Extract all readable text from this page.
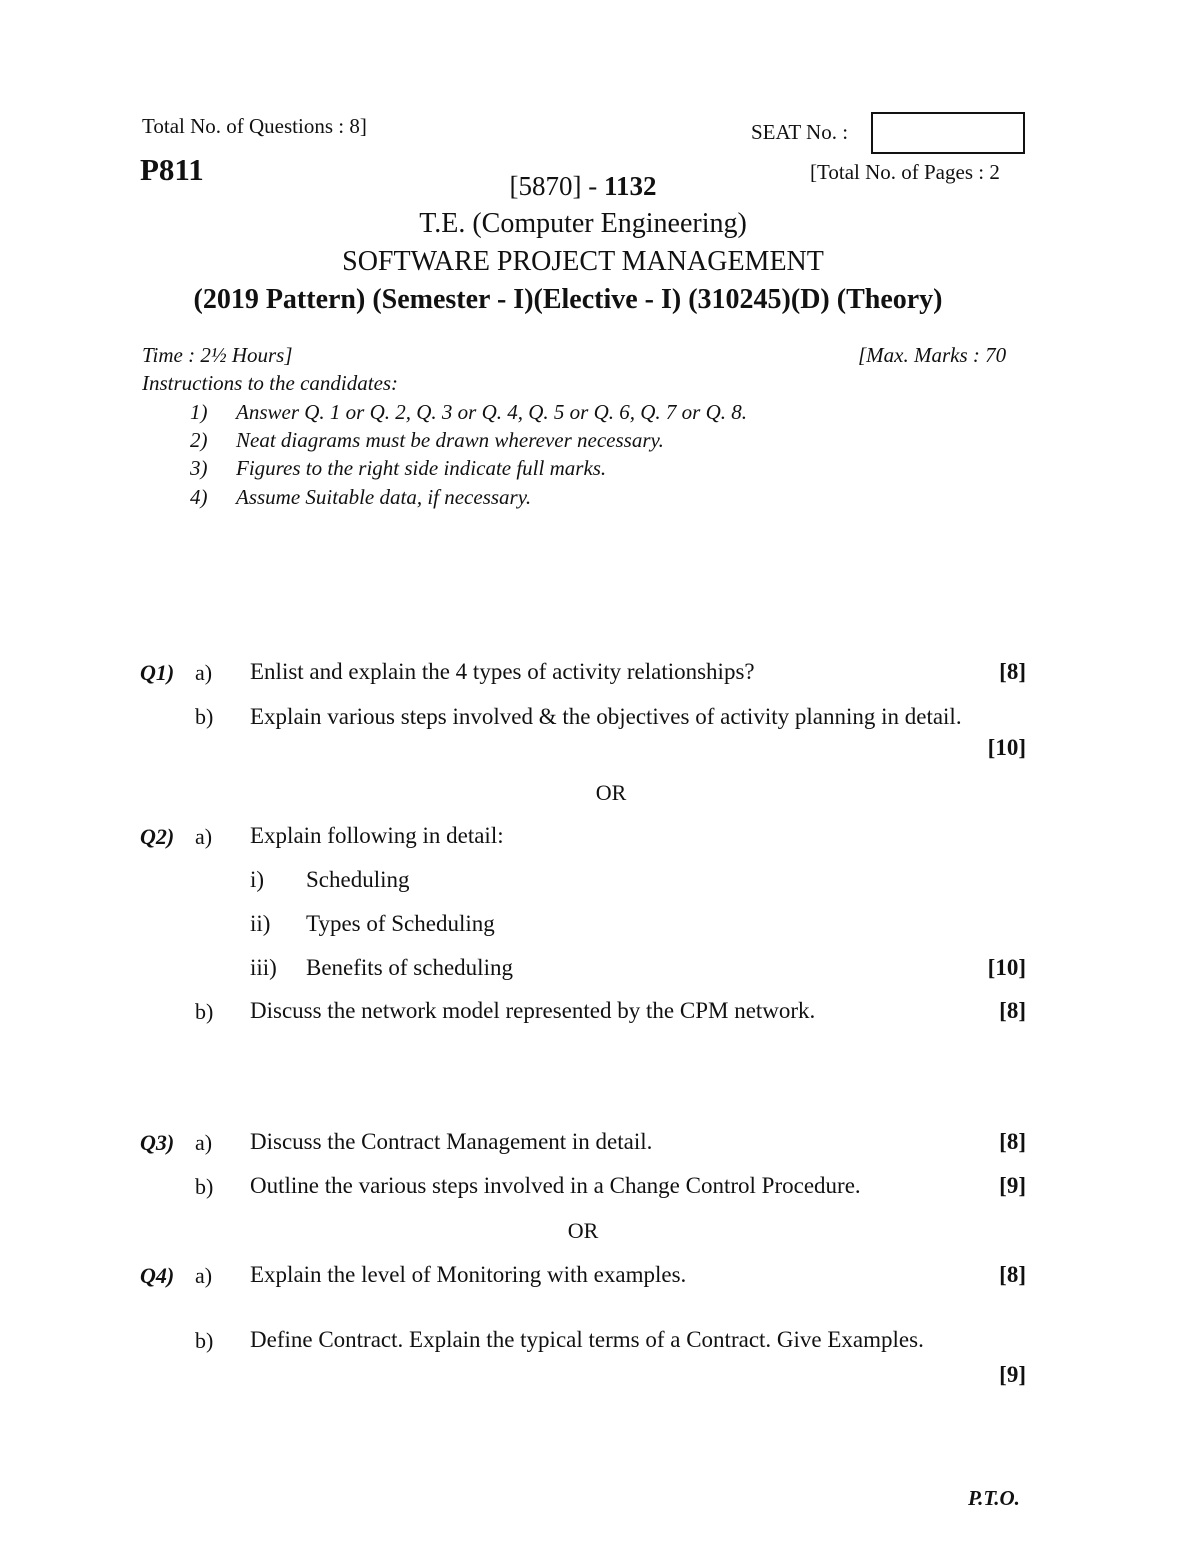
Total No. of Questions : 8]	SEAT No. :
P811	[Total No. of Pages : 2
[5870] - 1132
T.E. (Computer Engineering)
SOFTWARE PROJECT MANAGEMENT
(2019 Pattern) (Semester - I)(Elective - I) (310245)(D) (Theory)
Time : 2½ Hours]	[Max. Marks : 70
Instructions to the candidates:
1) Answer Q. 1 or Q. 2, Q. 3 or Q. 4, Q. 5 or Q. 6, Q. 7 or Q. 8.
2) Neat diagrams must be drawn wherever necessary.
3) Figures to the right side indicate full marks.
4) Assume Suitable data, if necessary.
Q1) a) Enlist and explain the 4 types of activity relationships?	[8]
b) Explain various steps involved & the objectives of activity planning in detail.
[10]
OR
Q2) a) Explain following in detail:
i) Scheduling
ii) Types of Scheduling
iii) Benefits of scheduling	[10]
b) Discuss the network model represented by the CPM network.	[8]
Q3) a) Discuss the Contract Management in detail.	[8]
b) Outline the various steps involved in a Change Control Procedure.	[9]
OR
Q4) a) Explain the level of Monitoring with examples.	[8]
b) Define Contract. Explain the typical terms of a Contract. Give Examples.
[9]
P.T.O.
